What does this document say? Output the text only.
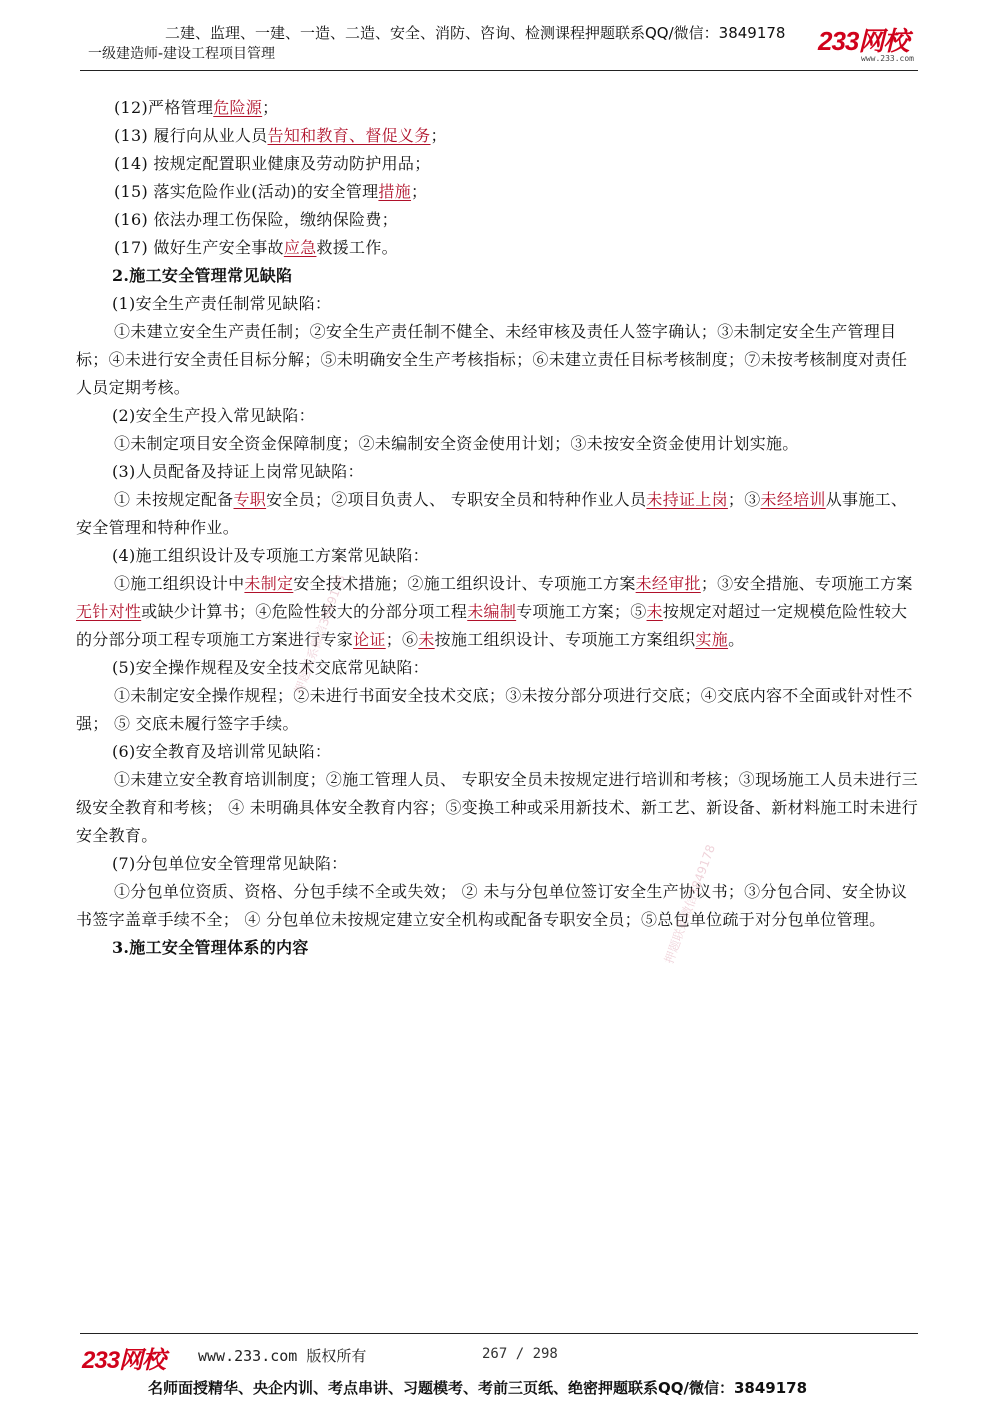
二建、监理、一建、一造、二造、安全、消防、咨询、检测课程押题联系QQ/微信：3849178
一级建造师-建设工程项目管理	233网校
www.233.com

(12)严格管理危险源；

(13) 履行向从业人员告知和教育、督促义务；

(14) 按规定配置职业健康及劳动防护用品；

(15) 落实危险作业(活动)的安全管理措施；

(16) 依法办理工伤保险，缴纳保险费；

(17) 做好生产安全事故应急救援工作。

2.施工安全管理常见缺陷

(1)安全生产责任制常见缺陷：

①未建立安全生产责任制；②安全生产责任制不健全、未经审核及责任人签字确认；③未制定安全生产管理目标；④未进行安全责任目标分解；⑤未明确安全生产考核指标；⑥未建立责任目标考核制度；⑦未按考核制度对责任人员定期考核。

(2)安全生产投入常见缺陷：

①未制定项目安全资金保障制度；②未编制安全资金使用计划；③未按安全资金使用计划实施。

(3)人员配备及持证上岗常见缺陷：

① 未按规定配备专职安全员；②项目负责人、 专职安全员和特种作业人员未持证上岗；③未经培训从事施工、安全管理和特种作业。

(4)施工组织设计及专项施工方案常见缺陷：

①施工组织设计中未制定安全技术措施；②施工组织设计、专项施工方案未经审批；③安全措施、专项施工方案无针对性或缺少计算书；④危险性较大的分部分项工程未编制专项施工方案；⑤未按规定对超过一定规模危险性较大的分部分项工程专项施工方案进行专家论证；⑥未按施工组织设计、专项施工方案组织实施。

(5)安全操作规程及安全技术交底常见缺陷：

①未制定安全操作规程；②未进行书面安全技术交底；③未按分部分项进行交底；④交底内容不全面或针对性不强； ⑤ 交底未履行签字手续。

(6)安全教育及培训常见缺陷：

①未建立安全教育培训制度；②施工管理人员、 专职安全员未按规定进行培训和考核；③现场施工人员未进行三级安全教育和考核； ④ 未明确具体安全教育内容；⑤变换工种或采用新技术、新工艺、新设备、新材料施工时未进行安全教育。

(7)分包单位安全管理常见缺陷：

①分包单位资质、资格、分包手续不全或失效； ② 未与分包单位签订安全生产协议书；③分包合同、安全协议书签字盖章手续不全； ④ 分包单位未按规定建立安全机构或配备专职安全员；⑤总包单位疏于对分包单位管理。

3.施工安全管理体系的内容

押题联系微信3849178
押题联系微信3849178
233网校 www.233.com 版权所有	267 / 298
名师面授精华、央企内训、考点串讲、习题模考、考前三页纸、绝密押题联系QQ/微信：3849178
